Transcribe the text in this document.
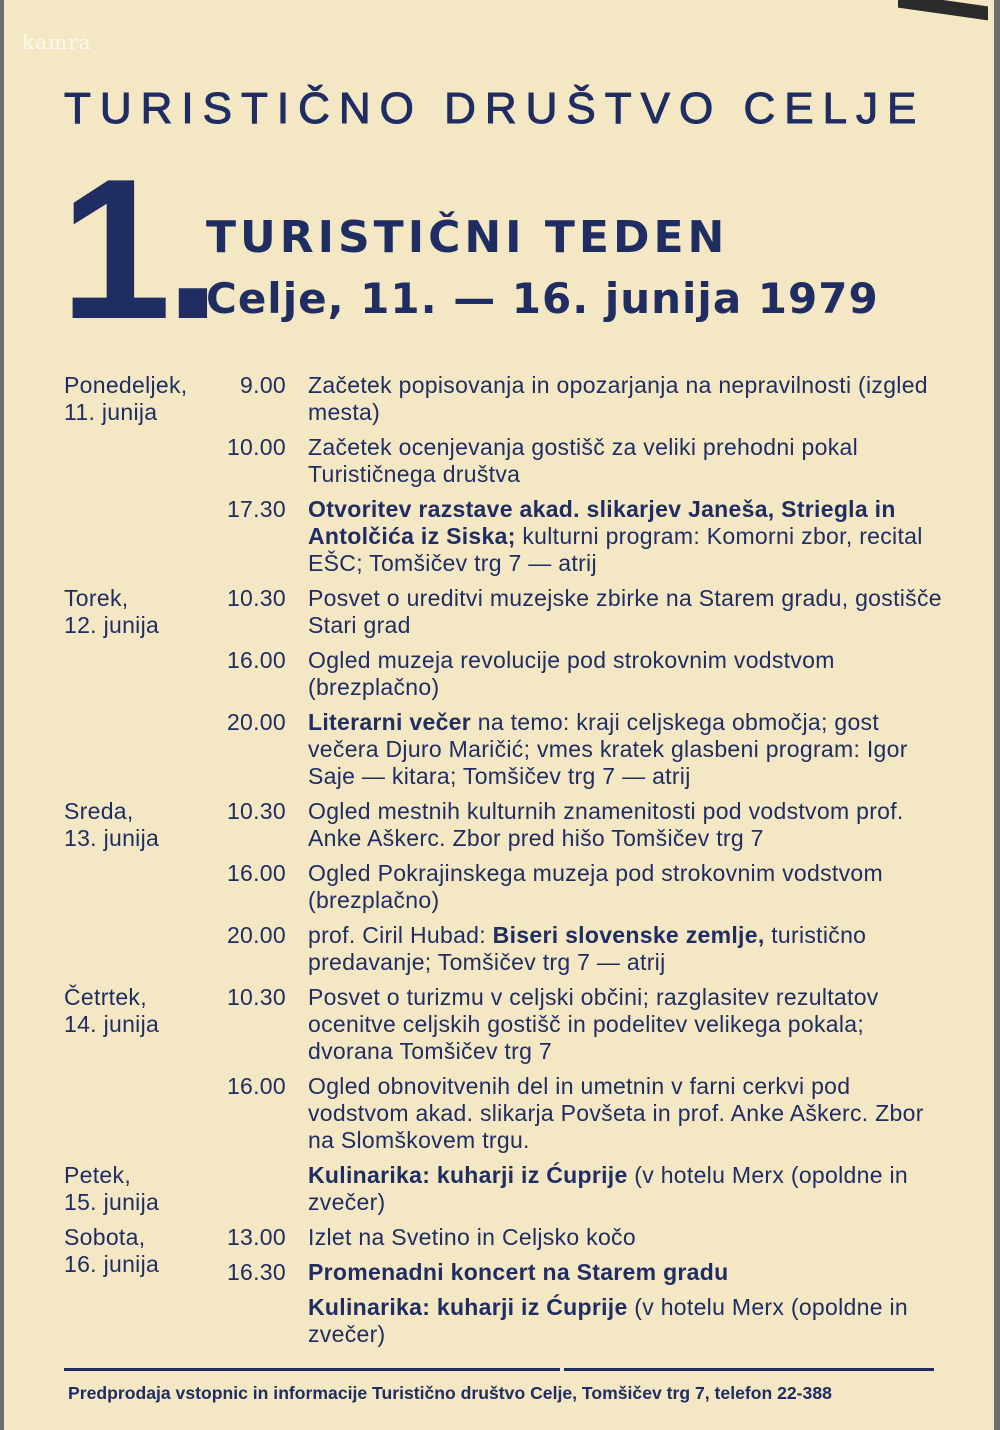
kamra
TURISTIČNO DRUŠTVO CELJE
1.
TURISTIČNI TEDEN
Celje, 11. — 16. junija 1979
Ponedeljek,
11. junija
9.00 Začetek popisovanja in opozarjanja na nepravilnosti (izgled mesta)
10.00 Začetek ocenjevanja gostišč za veliki prehodni pokal Turističnega društva
17.30 Otvoritev razstave akad. slikarjev Janeša, Striegla in Antolčića iz Siska; kulturni program: Komorni zbor, recital EŠC; Tomšičev trg 7 — atrij
Torek,
12. junija
10.30 Posvet o ureditvi muzejske zbirke na Starem gradu, gostišče Stari grad
16.00 Ogled muzeja revolucije pod strokovnim vodstvom (brezplačno)
20.00 Literarni večer na temo: kraji celjskega območja; gost večera Djuro Maričić; vmes kratek glasbeni program: Igor Saje — kitara; Tomšičev trg 7 — atrij
Sreda,
13. junija
10.30 Ogled mestnih kulturnih znamenitosti pod vodstvom prof. Anke Aškerc. Zbor pred hišo Tomšičev trg 7
16.00 Ogled Pokrajinskega muzeja pod strokovnim vodstvom (brezplačno)
20.00 prof. Ciril Hubad: Biseri slovenske zemlje, turistično predavanje; Tomšičev trg 7 — atrij
Četrtek,
14. junija
10.30 Posvet o turizmu v celjski občini; razglasitev rezultatov ocenitve celjskih gostišč in podelitev velikega pokala; dvorana Tomšičev trg 7
16.00 Ogled obnovitvenih del in umetnin v farni cerkvi pod vodstvom akad. slikarja Povšeta in prof. Anke Aškerc. Zbor na Slomškovem trgu.
Petek,
15. junija
Kulinarika: kuharji iz Ćuprije (v hotelu Merx (opoldne in zvečer)
Sobota,
16. junija
13.00 Izlet na Svetino in Celjsko kočo
16.30 Promenadni koncert na Starem gradu
Kulinarika: kuharji iz Ćuprije (v hotelu Merx (opoldne in zvečer)
Predprodaja vstopnic in informacije Turistično društvo Celje, Tomšičev trg 7, telefon 22-388
